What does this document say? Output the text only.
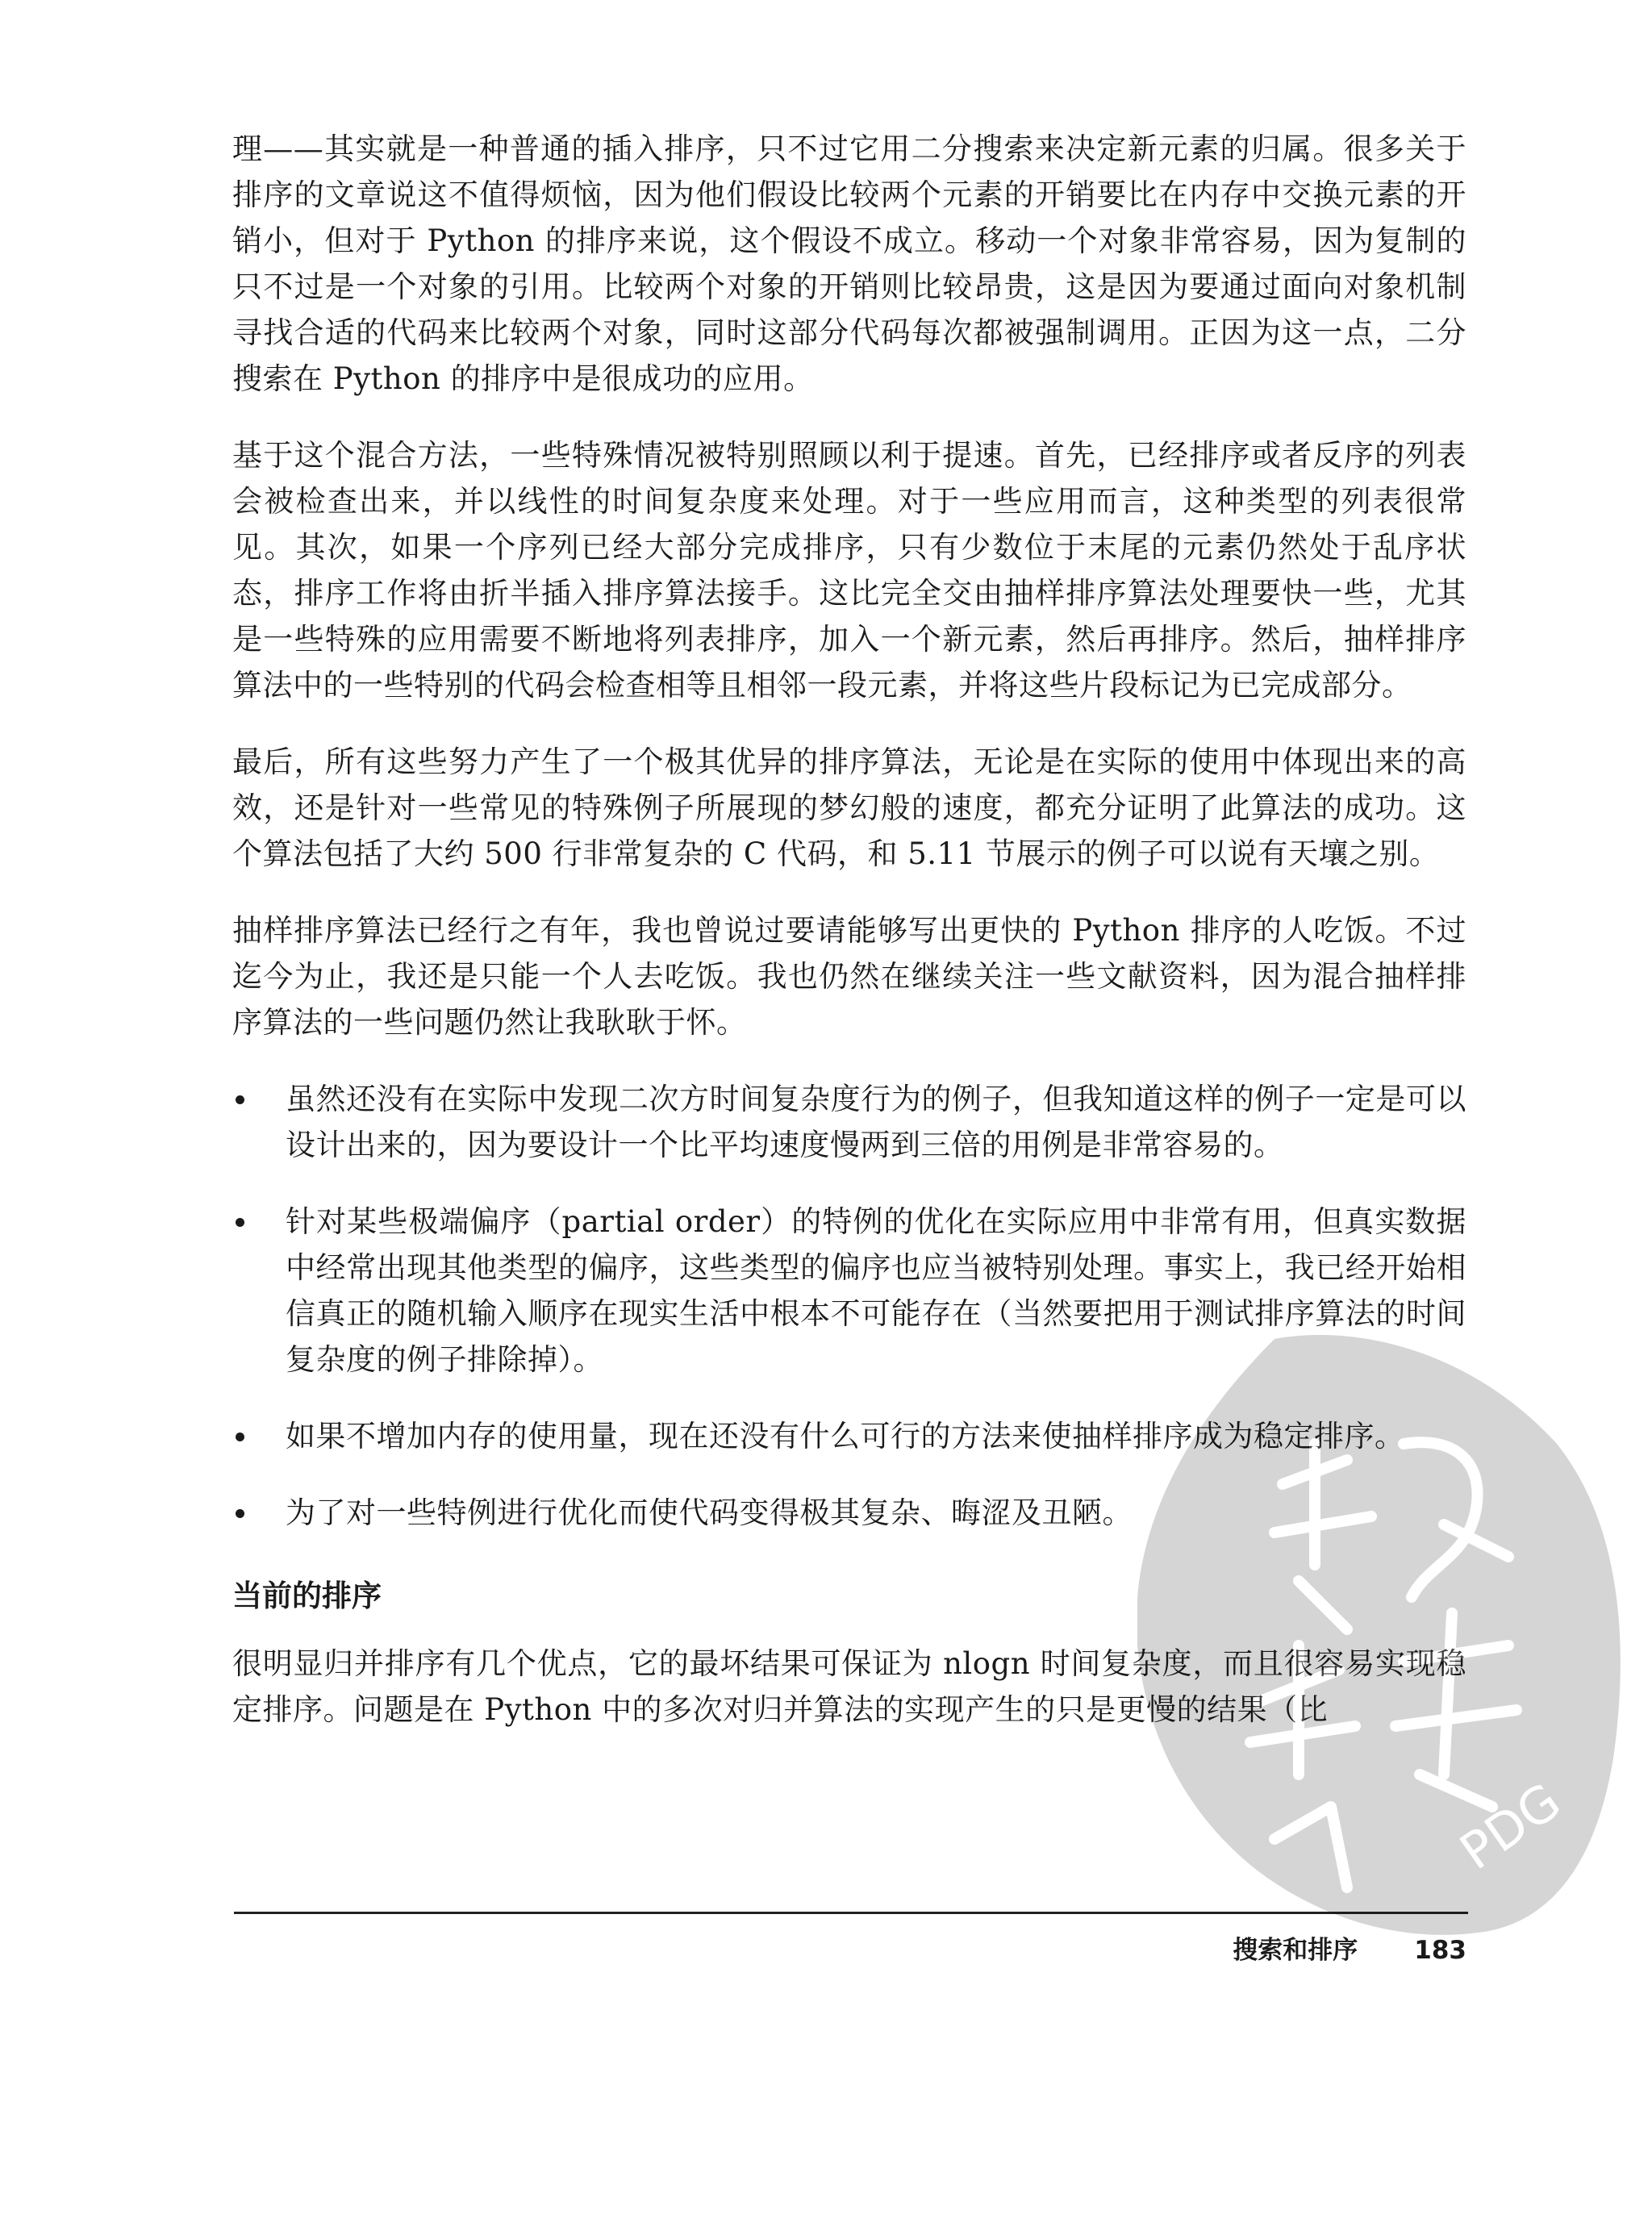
理——其实就是一种普通的插入排序，只不过它用二分搜索来决定新元素的归属。很多关于排序的文章说这不值得烦恼，因为他们假设比较两个元素的开销要比在内存中交换元素的开销小，但对于 Python 的排序来说，这个假设不成立。移动一个对象非常容易，因为复制的只不过是一个对象的引用。比较两个对象的开销则比较昂贵，这是因为要通过面向对象机制寻找合适的代码来比较两个对象，同时这部分代码每次都被强制调用。正因为这一点，二分搜索在 Python 的排序中是很成功的应用。

基于这个混合方法，一些特殊情况被特别照顾以利于提速。首先，已经排序或者反序的列表会被检查出来，并以线性的时间复杂度来处理。对于一些应用而言，这种类型的列表很常见。其次，如果一个序列已经大部分完成排序，只有少数位于末尾的元素仍然处于乱序状态，排序工作将由折半插入排序算法接手。这比完全交由抽样排序算法处理要快一些，尤其是一些特殊的应用需要不断地将列表排序，加入一个新元素，然后再排序。然后，抽样排序算法中的一些特别的代码会检查相等且相邻一段元素，并将这些片段标记为已完成部分。

最后，所有这些努力产生了一个极其优异的排序算法，无论是在实际的使用中体现出来的高效，还是针对一些常见的特殊例子所展现的梦幻般的速度，都充分证明了此算法的成功。这个算法包括了大约 500 行非常复杂的 C 代码，和 5.11 节展示的例子可以说有天壤之别。

抽样排序算法已经行之有年，我也曾说过要请能够写出更快的 Python 排序的人吃饭。不过迄今为止，我还是只能一个人去吃饭。我也仍然在继续关注一些文献资料，因为混合抽样排序算法的一些问题仍然让我耿耿于怀。

虽然还没有在实际中发现二次方时间复杂度行为的例子，但我知道这样的例子一定是可以设计出来的，因为要设计一个比平均速度慢两到三倍的用例是非常容易的。
针对某些极端偏序（partial order）的特例的优化在实际应用中非常有用，但真实数据中经常出现其他类型的偏序，这些类型的偏序也应当被特别处理。事实上，我已经开始相信真正的随机输入顺序在现实生活中根本不可能存在（当然要把用于测试排序算法的时间复杂度的例子排除掉）。
如果不增加内存的使用量，现在还没有什么可行的方法来使抽样排序成为稳定排序。
为了对一些特例进行优化而使代码变得极其复杂、晦涩及丑陋。
当前的排序

很明显归并排序有几个优点，它的最坏结果可保证为 nlogn 时间复杂度，而且很容易实现稳定排序。问题是在 Python 中的多次对归并算法的实现产生的只是更慢的结果（比

搜索和排序 183
PDG
